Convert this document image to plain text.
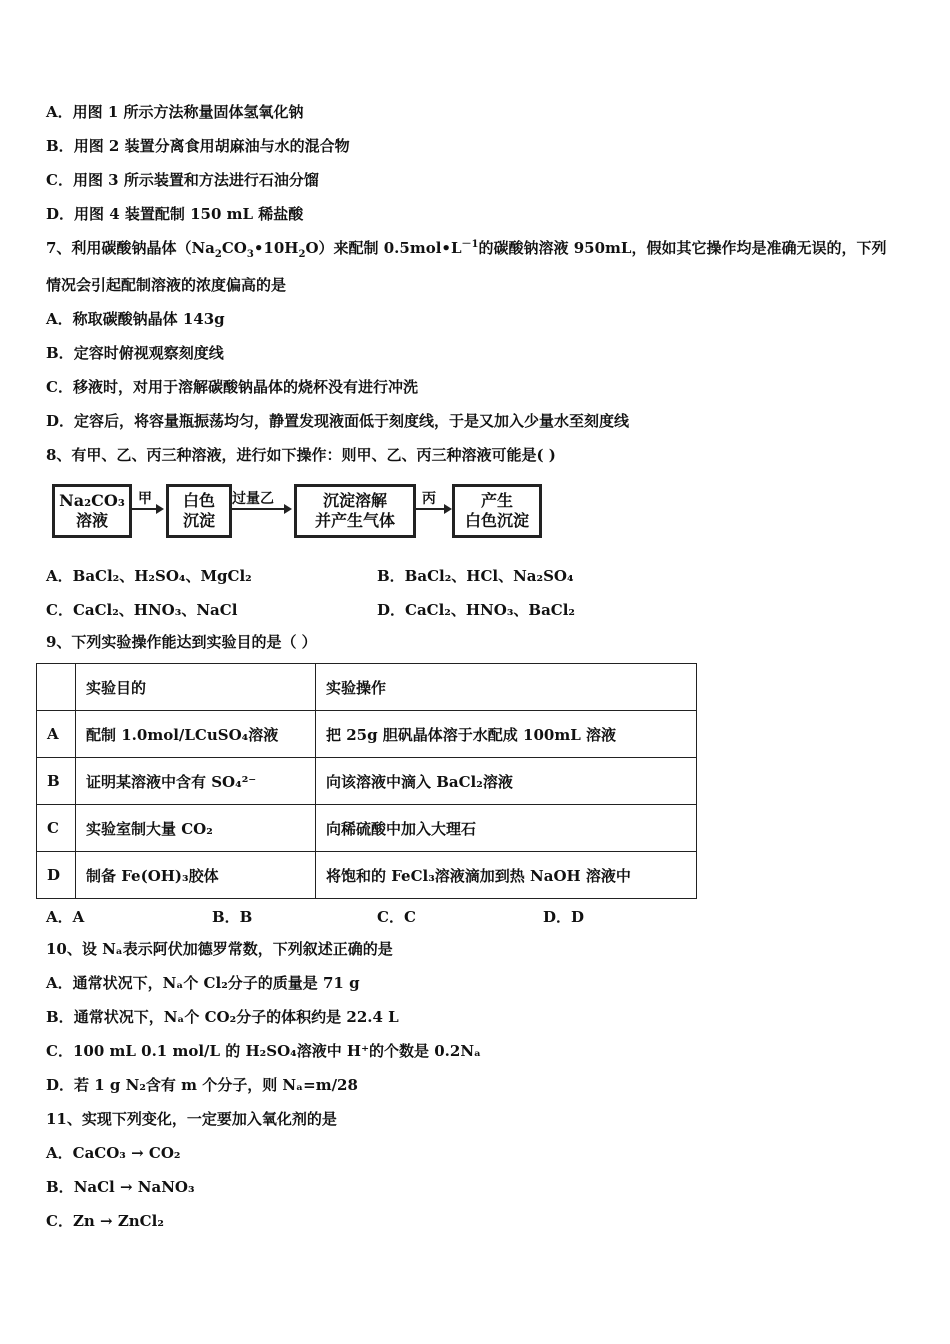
A．用图 1 所示方法称量固体氢氧化钠
B．用图 2 装置分离食用胡麻油与水的混合物
C．用图 3 所示装置和方法进行石油分馏
D．用图 4 装置配制 150 mL 稀盐酸
7、利用碳酸钠晶体$(Na_2CO_3•10H_2O)$来配制 $0.5mol•L^{-1}$的碳酸钠溶液 950mL，假如其它操作均是准确无误的，下列
情况会引起配制溶液的浓度偏高的是
A．称取碳酸钠晶体 143g
B．定容时俯视观察刻度线
C．移液时，对用于溶解碳酸钠晶体的烧杯没有进行冲洗
D．定容后，将容量瓶振荡均匀，静置发现液面低于刻度线，于是又加入少量水至刻度线
8、有甲、乙、丙三种溶液，进行如下操作：则甲、乙、丙三种溶液可能是( )
Na₂CO₃
溶液
甲 白色
沉淀
过量乙	沉淀溶解
并产生气体
丙	产生
白色沉淀
A．BaCl₂、H₂SO₄、MgCl₂	B．BaCl₂、HCl、Na₂SO₄
C．CaCl₂、HNO₃、NaCl	D．CaCl₂、HNO₃、BaCl₂
9、下列实验操作能达到实验目的是（ ）
	实验目的	实验操作
A	配制 1.0mol/LCuSO₄溶液	把 25g 胆矾晶体溶于水配成 100mL 溶液
B	证明某溶液中含有 SO₄²⁻	向该溶液中滴入 BaCl₂溶液
C	实验室制大量 CO₂	向稀硫酸中加入大理石
D	制备 Fe(OH)₃胶体	将饱和的 FeCl₃溶液滴加到热 NaOH 溶液中
A．A	B．B	C．C	D．D
10、设 Nₐ表示阿伏加德罗常数，下列叙述正确的是
A．通常状况下，Nₐ个 Cl₂分子的质量是 71 g
B．通常状况下，Nₐ个 CO₂分子的体积约是 22.4 L
C．100 mL 0.1 mol/L 的 H₂SO₄溶液中 H⁺的个数是 0.2Nₐ
D．若 1 g N₂含有 m 个分子，则 Nₐ=m/28
11、实现下列变化，一定要加入氧化剂的是
A．CaCO₃ → CO₂
B．NaCl → NaNO₃
C．Zn → ZnCl₂
